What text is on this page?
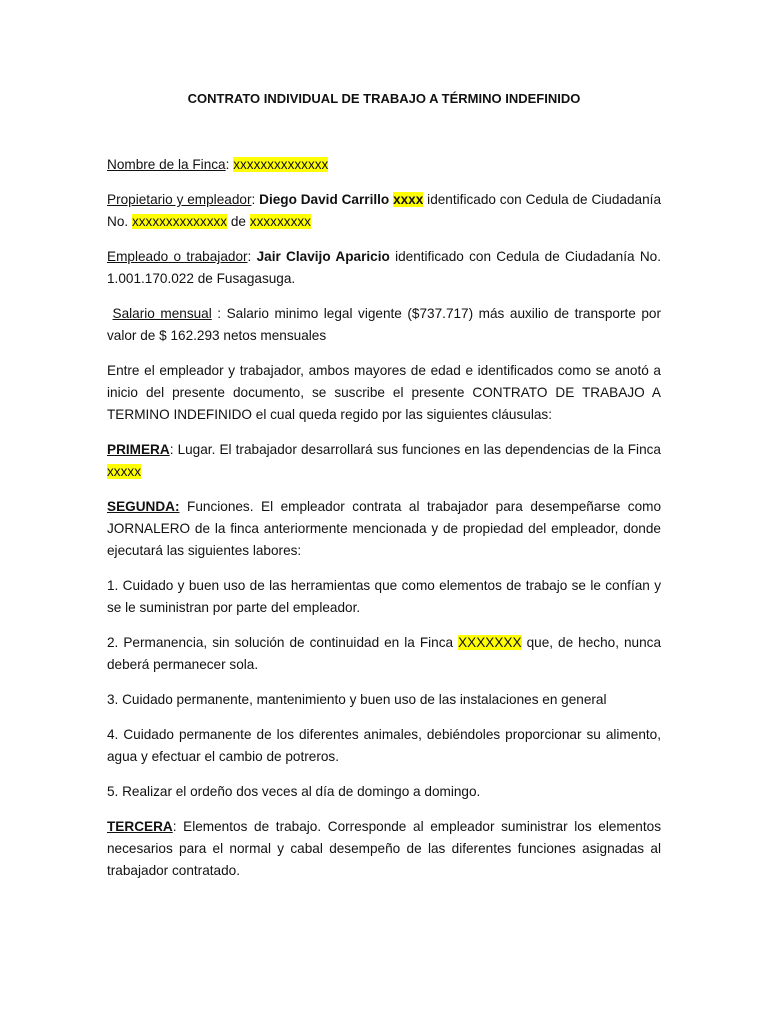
CONTRATO INDIVIDUAL DE TRABAJO A TÉRMINO INDEFINIDO

Nombre de la Finca: xxxxxxxxxxxxxx

Propietario y empleador: Diego David Carrillo xxxx identificado con Cedula de Ciudadanía No. xxxxxxxxxxxxxx de xxxxxxxxx

Empleado o trabajador: Jair Clavijo Aparicio identificado con Cedula de Ciudadanía No. 1.001.170.022 de Fusagasuga.

Salario mensual : Salario minimo legal vigente ($737.717) más auxilio de transporte por valor de $ 162.293 netos mensuales

Entre el empleador y trabajador, ambos mayores de edad e identificados como se anotó a inicio del presente documento, se suscribe el presente CONTRATO DE TRABAJO A TERMINO INDEFINIDO el cual queda regido por las siguientes cláusulas:

PRIMERA: Lugar. El trabajador desarrollará sus funciones en las dependencias de la Finca xxxxx

SEGUNDA: Funciones. El empleador contrata al trabajador para desempeñarse como JORNALERO de la finca anteriormente mencionada y de propiedad del empleador, donde ejecutará las siguientes labores:

1. Cuidado y buen uso de las herramientas que como elementos de trabajo se le confían y se le suministran por parte del empleador.

2. Permanencia, sin solución de continuidad en la Finca XXXXXXX que, de hecho, nunca deberá permanecer sola.

3. Cuidado permanente, mantenimiento y buen uso de las instalaciones en general

4. Cuidado permanente de los diferentes animales, debiéndoles proporcionar su alimento, agua y efectuar el cambio de potreros.

5. Realizar el ordeño dos veces al día de domingo a domingo.

TERCERA: Elementos de trabajo. Corresponde al empleador suministrar los elementos necesarios para el normal y cabal desempeño de las diferentes funciones asignadas al trabajador contratado.
